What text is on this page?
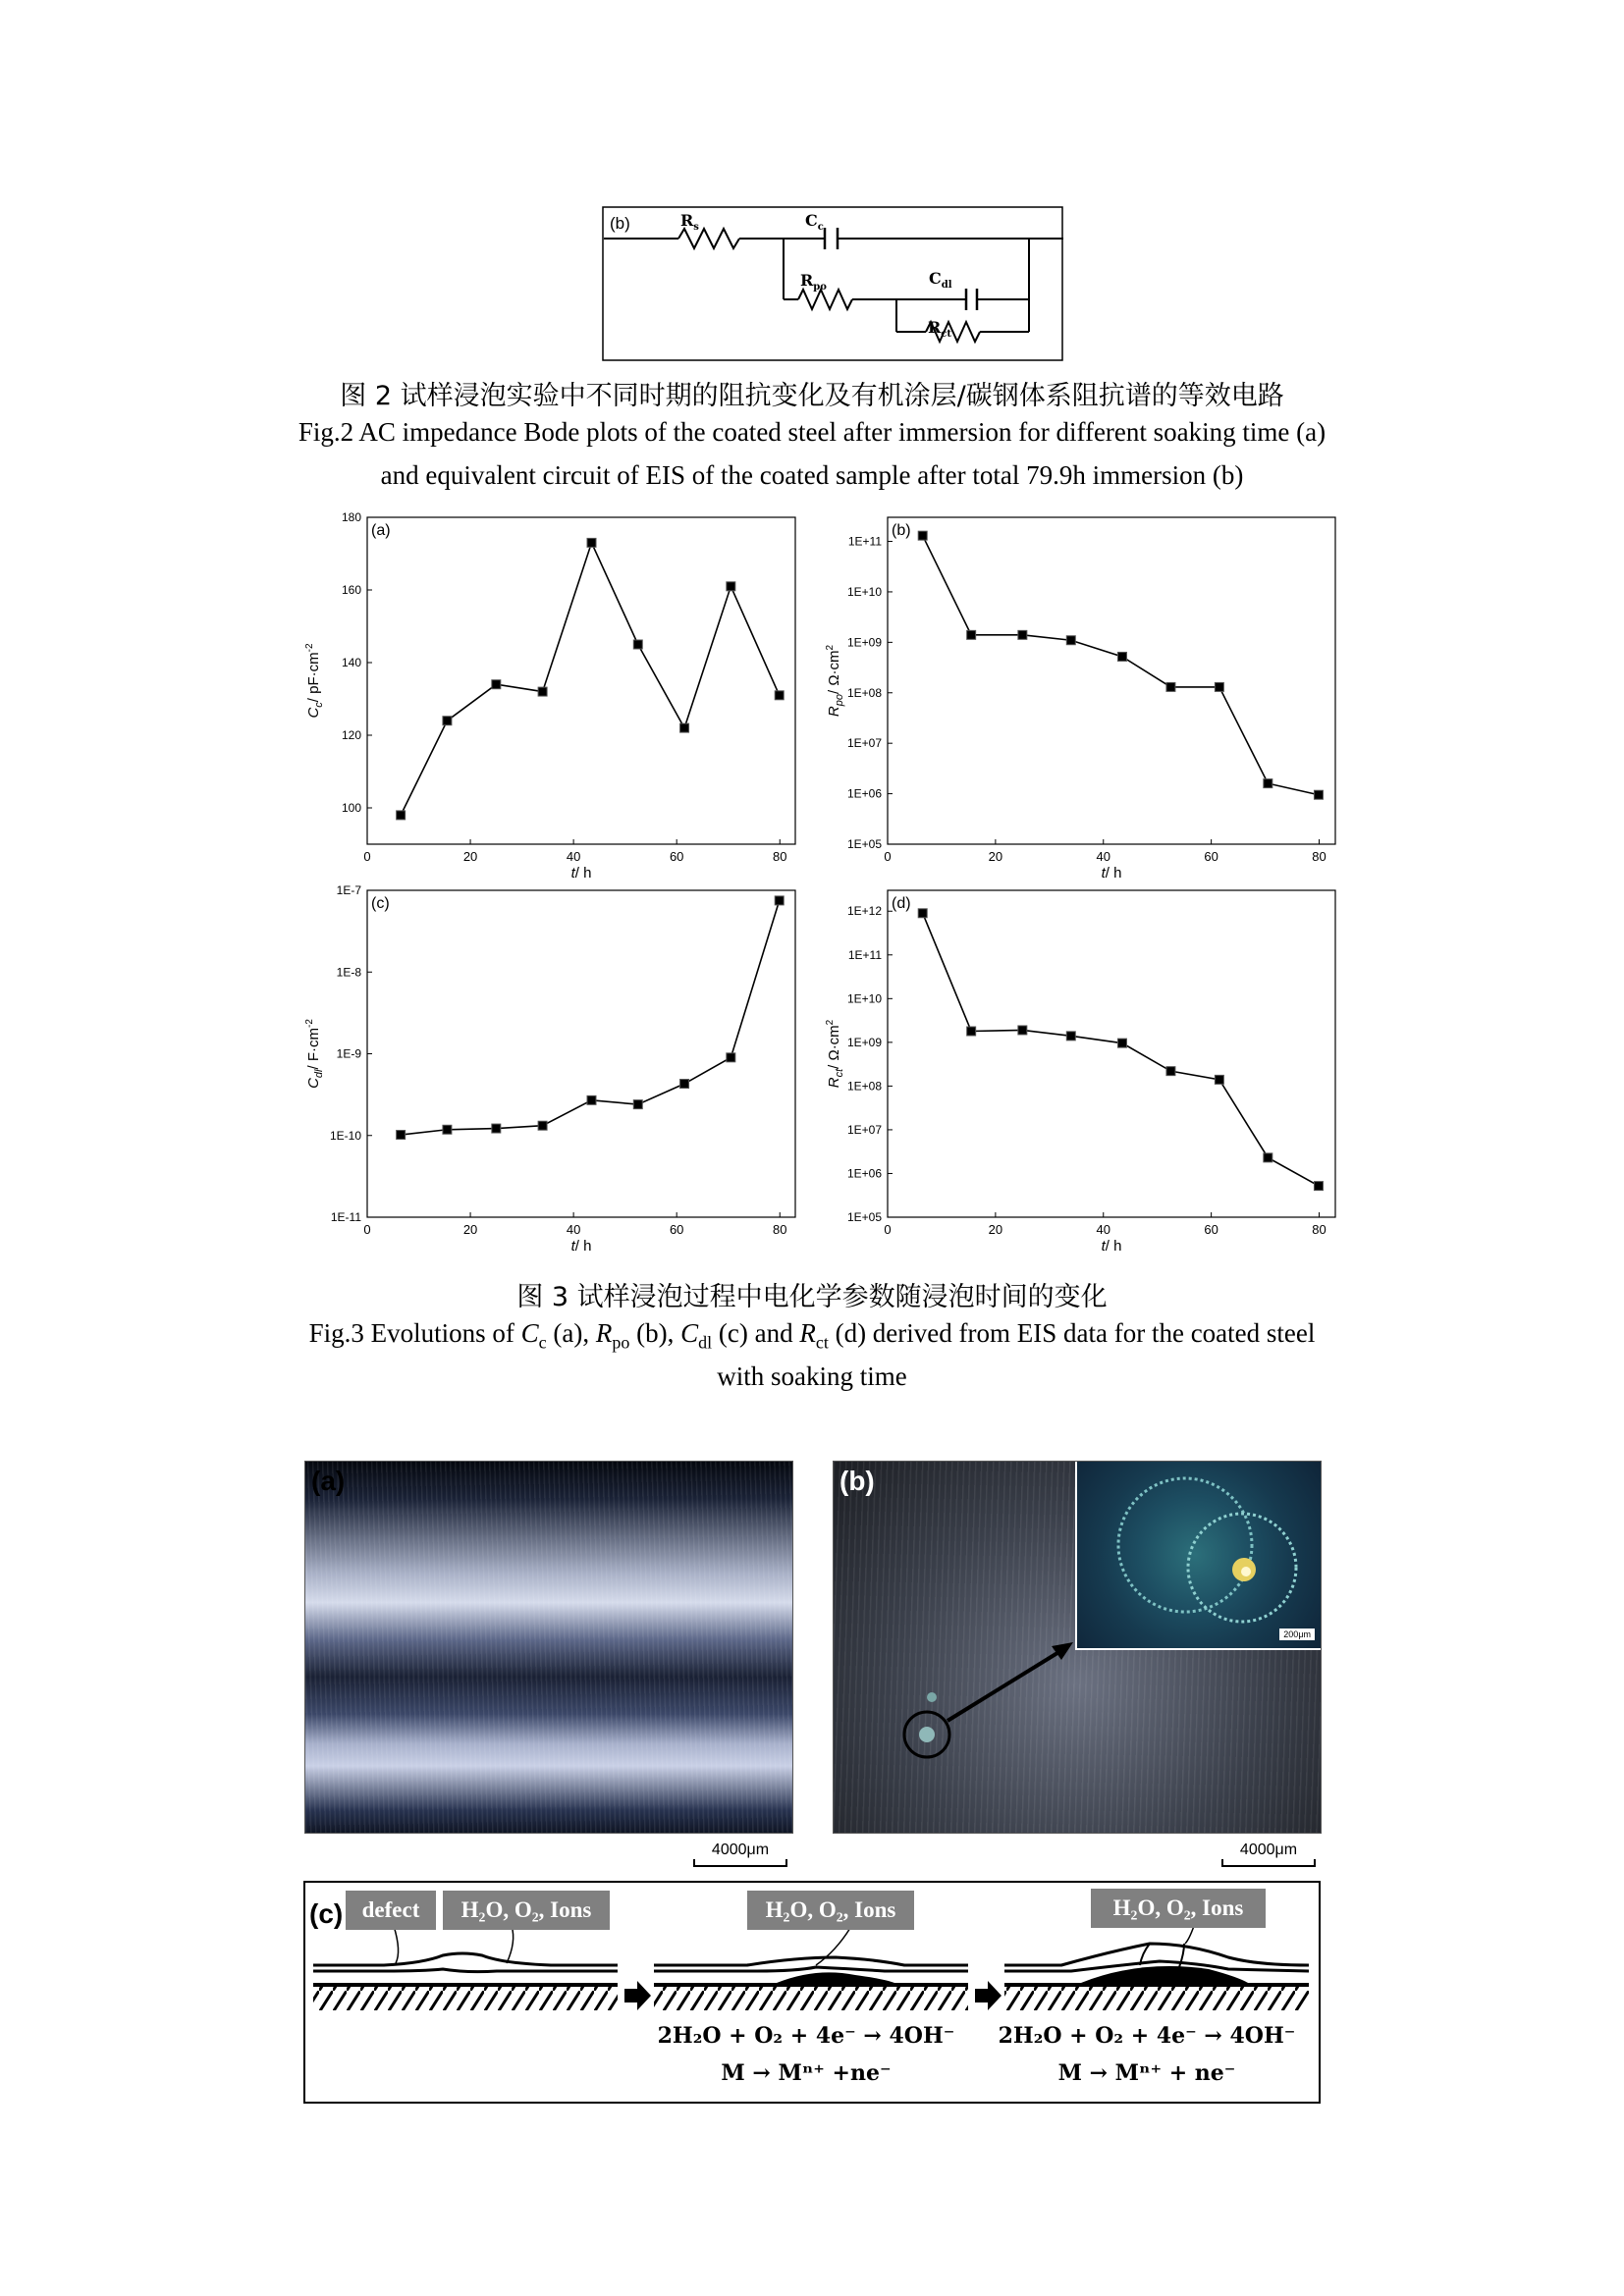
(b)	$R_s$	$C_c$
$R_{po}$	$C_{dl}$
$R_{ct}$
图 2 试样浸泡实验中不同时期的阻抗变化及有机涂层/碳钢体系阻抗谱的等效电路
Fig.2 AC impedance Bode plots of the coated steel after immersion for different soaking time (a)
and equivalent circuit of EIS of the coated sample after total 79.9h immersion (b)
0	20	40	60	80
100
120
140
160
180
t/ h
$C_c/$ $pF\cdot cm^{-2}$
(a)
0	20	40	60	80
1E+05
1E+06
1E+07
1E+08
1E+09
1E+10
1E+11
t/ h
$R_{po}/$ $\Omega\cdot cm^2$
(b)
0	20	40	60	80
1E-11
1E-10
1E-9
1E-8
1E-7
t/ h
$C_{dl}/$ $F\cdot cm^{-2}$
(c)
0	20	40	60	80
1E+05
1E+06
1E+07
1E+08
1E+09
1E+10
1E+11
1E+12
t/ h
$R_{ct}/$ $\Omega\cdot cm^2$
(d)
图 3 试样浸泡过程中电化学参数随浸泡时间的变化
Fig.3 Evolutions of $C_c$ (a), $R_{po}$ (b), $C_{dl}$ (c) and $R_{ct}$ (d) derived from EIS data for the coated steel
with soaking time
(a)
4000μm
(b)
200μm
4000μm
(c) defect	H₂O, O₂, Ions	H₂O, O₂, Ions	H₂O, O₂, Ions
2H₂O + O₂ + 4e⁻ → 4OH⁻
M → Mⁿ⁺ +ne⁻
2H₂O + O₂ + 4e⁻ → 4OH⁻
M → Mⁿ⁺ + ne⁻
